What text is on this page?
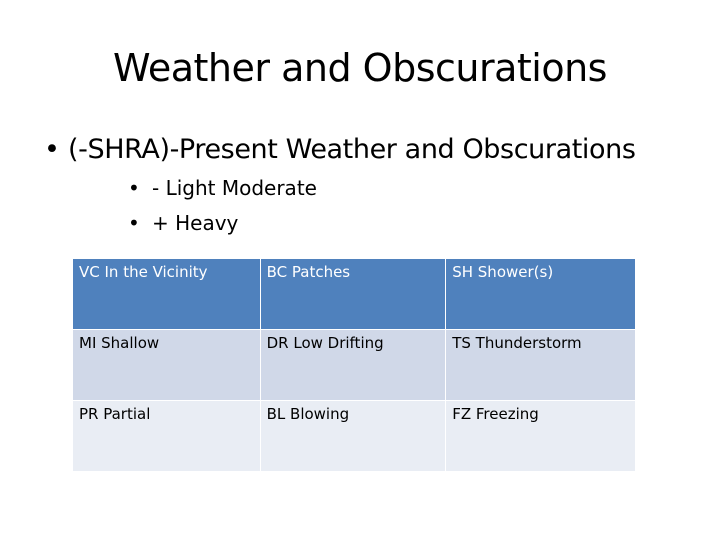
Weather and Obscurations
• (-SHRA)-Present Weather and Obscurations
• - Light Moderate
• + Heavy
VC In the Vicinity	BC Patches	SH Shower(s)
MI Shallow	DR Low Drifting	TS Thunderstorm
PR Partial	BL Blowing	FZ Freezing
